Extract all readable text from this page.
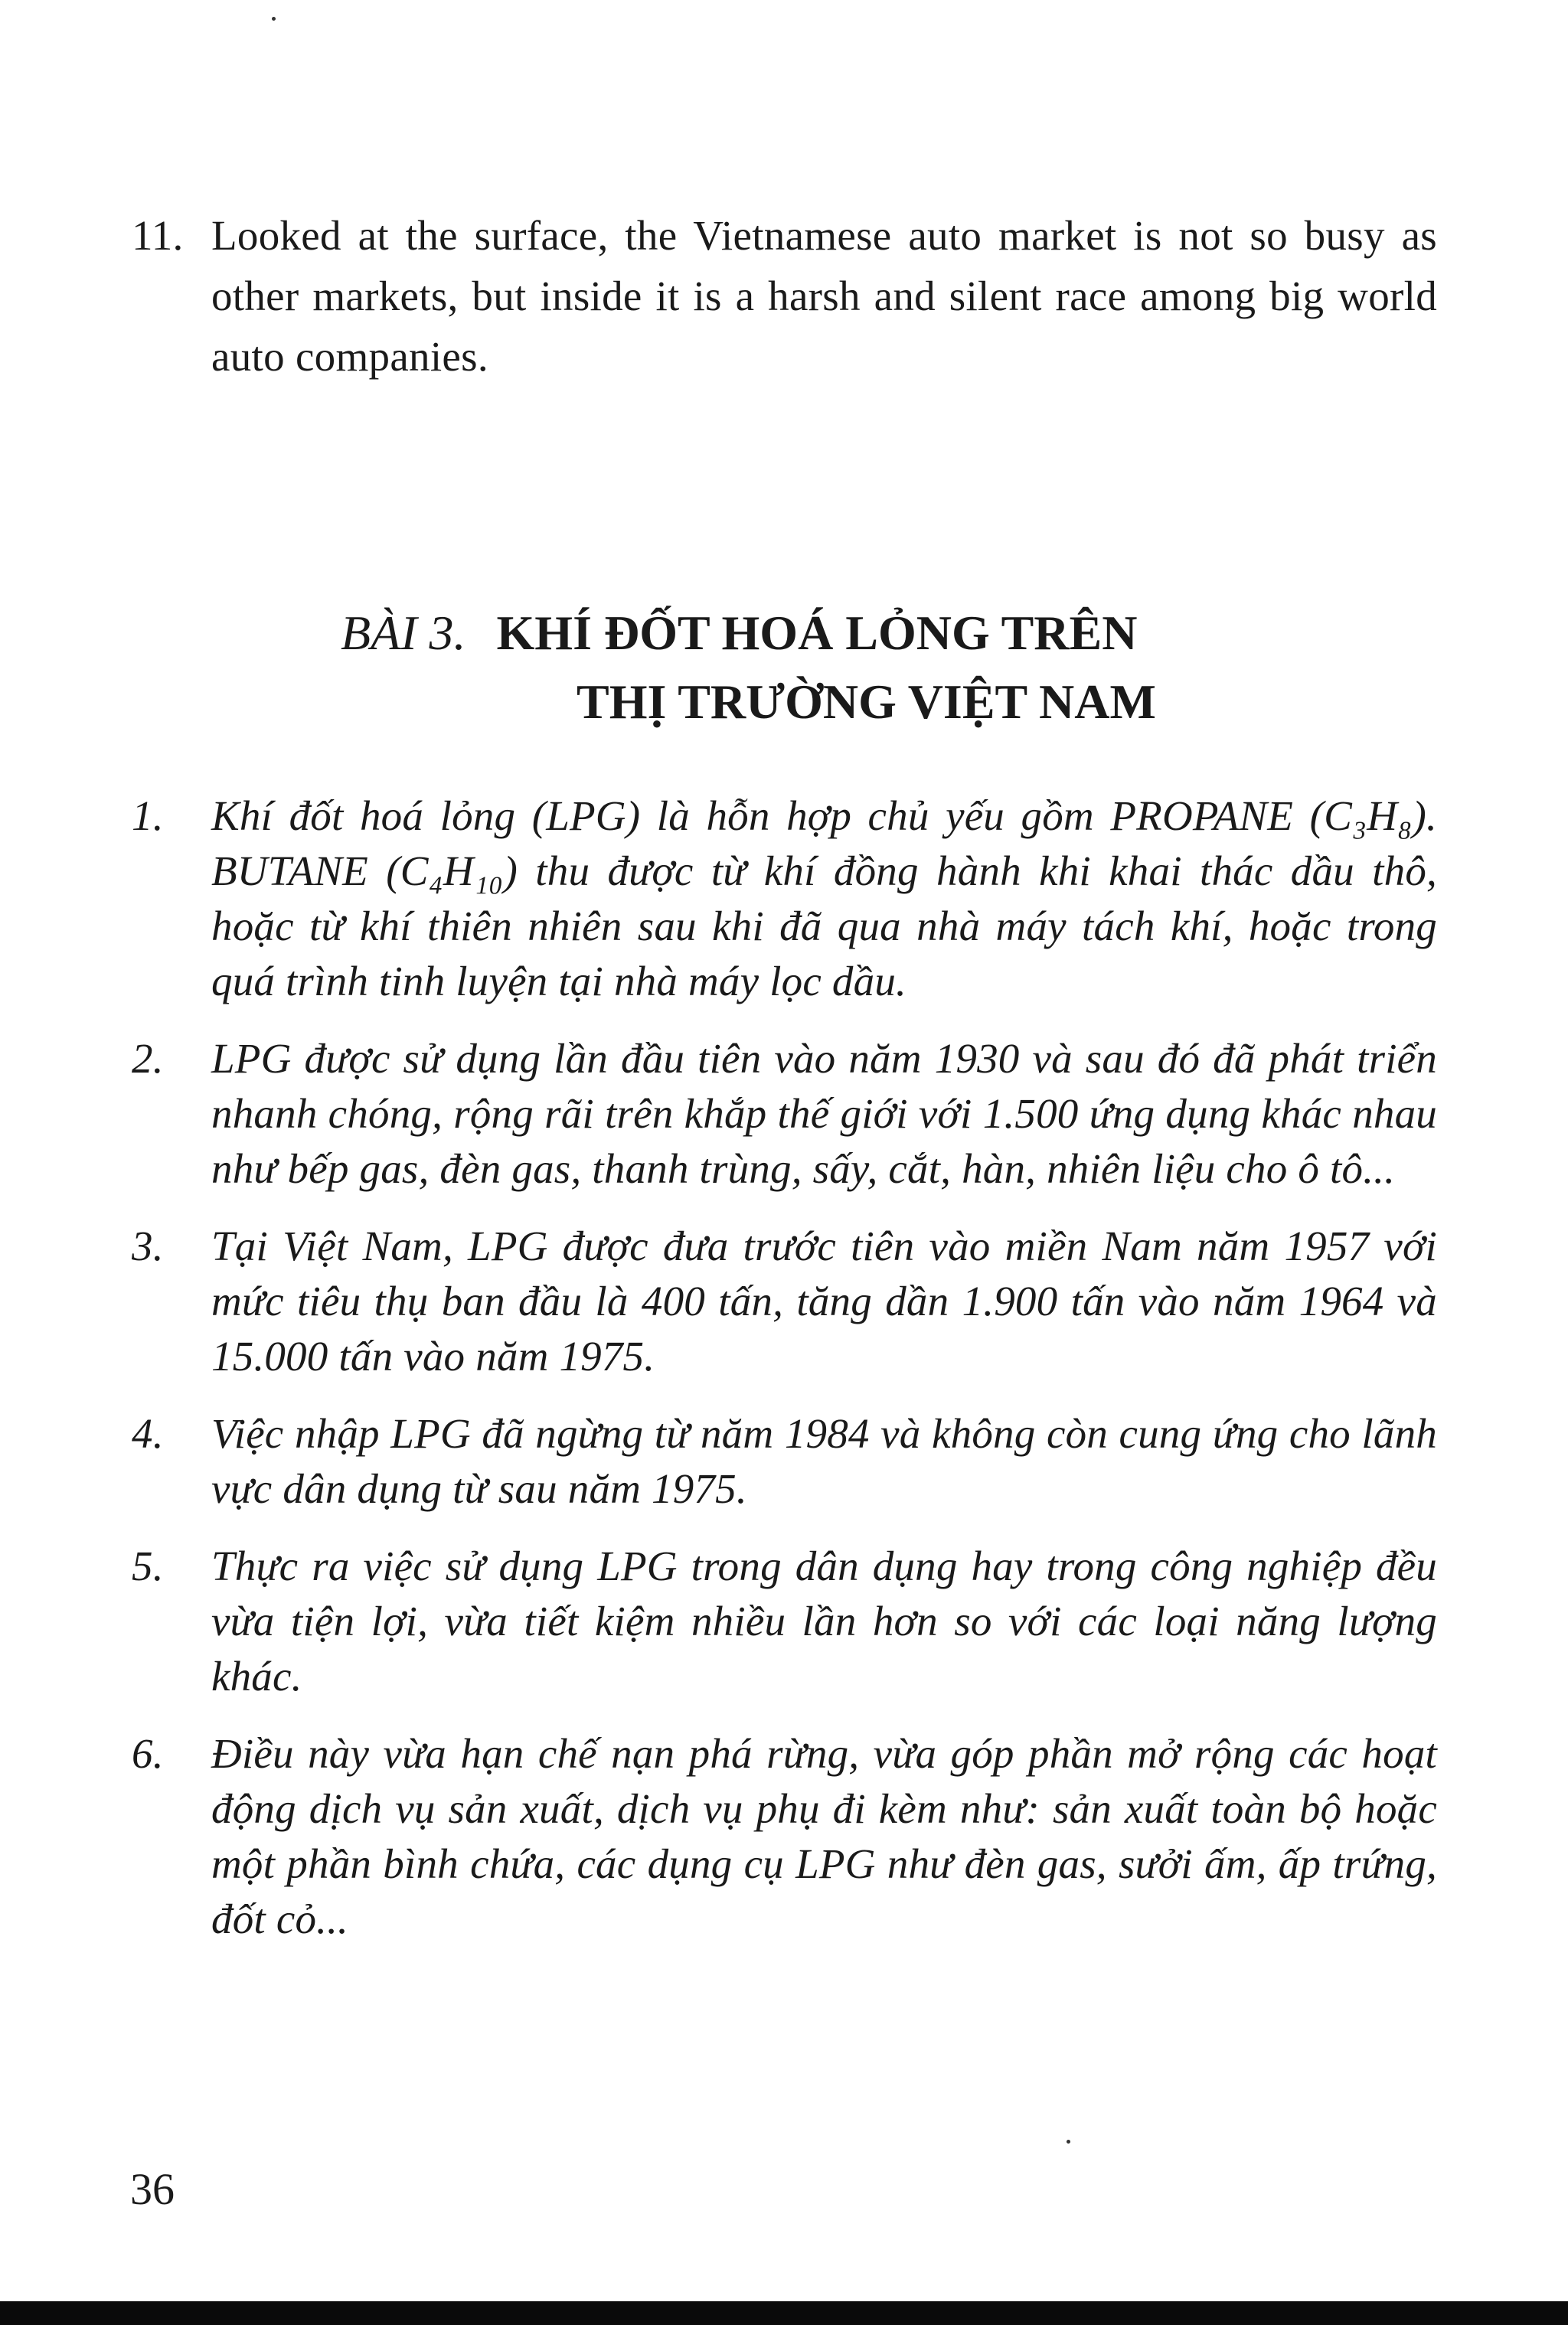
11. Looked at the surface, the Vietnamese auto market is not so busy as other markets, but inside it is a harsh and silent race among big world auto companies.
BÀI 3. KHÍ ĐỐT HOÁ LỎNG TRÊN
THỊ TRƯỜNG VIỆT NAM
1. Khí đốt hoá lỏng (LPG) là hỗn hợp chủ yếu gồm PROPANE (C₃H₈). BUTANE (C₄H₁₀) thu được từ khí đồng hành khi khai thác dầu thô, hoặc từ khí thiên nhiên sau khi đã qua nhà máy tách khí, hoặc trong quá trình tinh luyện tại nhà máy lọc dầu.
2. LPG được sử dụng lần đầu tiên vào năm 1930 và sau đó đã phát triển nhanh chóng, rộng rãi trên khắp thế giới với 1.500 ứng dụng khác nhau như bếp gas, đèn gas, thanh trùng, sấy, cắt, hàn, nhiên liệu cho ô tô...
3. Tại Việt Nam, LPG được đưa trước tiên vào miền Nam năm 1957 với mức tiêu thụ ban đầu là 400 tấn, tăng dần 1.900 tấn vào năm 1964 và 15.000 tấn vào năm 1975.
4. Việc nhập LPG đã ngừng từ năm 1984 và không còn cung ứng cho lãnh vực dân dụng từ sau năm 1975.
5. Thực ra việc sử dụng LPG trong dân dụng hay trong công nghiệp đều vừa tiện lợi, vừa tiết kiệm nhiều lần hơn so với các loại năng lượng khác.
6. Điều này vừa hạn chế nạn phá rừng, vừa góp phần mở rộng các hoạt động dịch vụ sản xuất, dịch vụ phụ đi kèm như: sản xuất toàn bộ hoặc một phần bình chứa, các dụng cụ LPG như đèn gas, sưởi ấm, ấp trứng, đốt cỏ...
36
